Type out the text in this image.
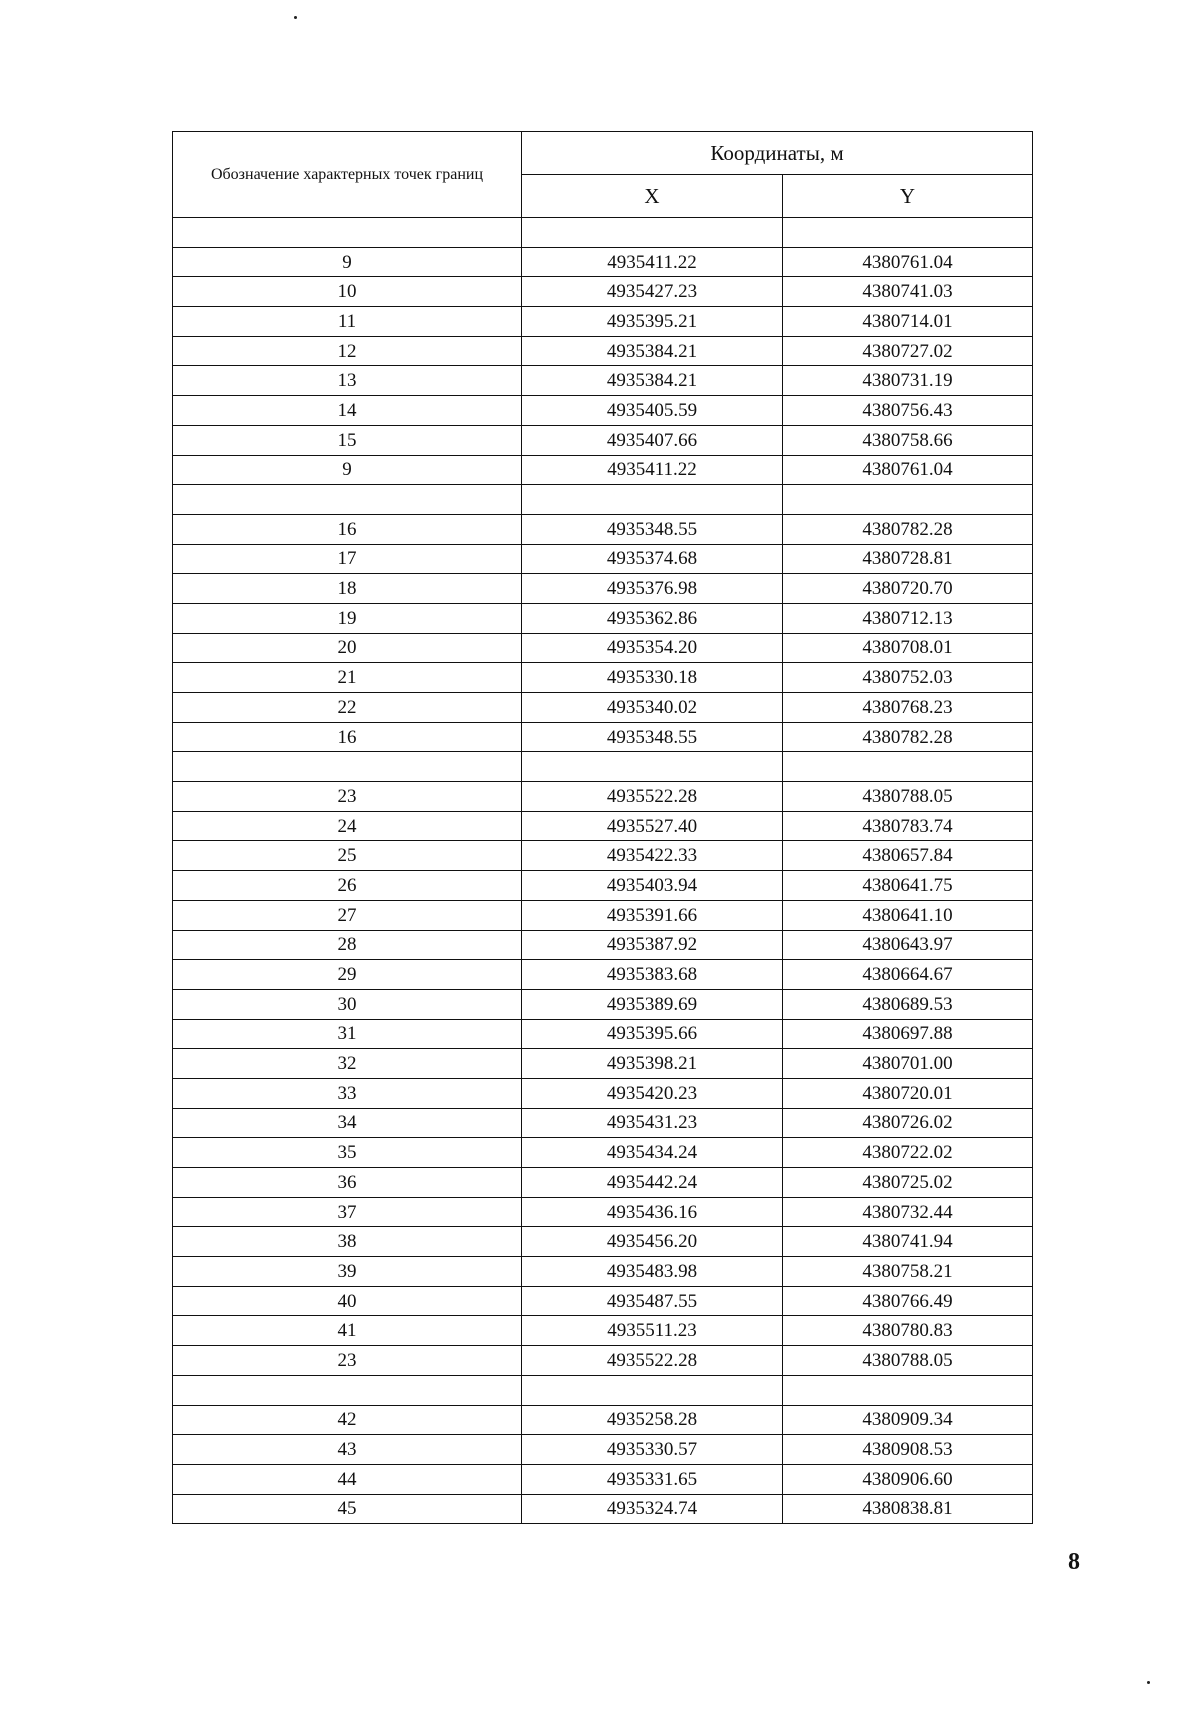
Обозначение характерных точек границ	Координаты, м	
	X	Y

9	4935411.22	4380761.04
10	4935427.23	4380741.03
11	4935395.21	4380714.01
12	4935384.21	4380727.02
13	4935384.21	4380731.19
14	4935405.59	4380756.43
15	4935407.66	4380758.66
9	4935411.22	4380761.04

16	4935348.55	4380782.28
17	4935374.68	4380728.81
18	4935376.98	4380720.70
19	4935362.86	4380712.13
20	4935354.20	4380708.01
21	4935330.18	4380752.03
22	4935340.02	4380768.23
16	4935348.55	4380782.28

23	4935522.28	4380788.05
24	4935527.40	4380783.74
25	4935422.33	4380657.84
26	4935403.94	4380641.75
27	4935391.66	4380641.10
28	4935387.92	4380643.97
29	4935383.68	4380664.67
30	4935389.69	4380689.53
31	4935395.66	4380697.88
32	4935398.21	4380701.00
33	4935420.23	4380720.01
34	4935431.23	4380726.02
35	4935434.24	4380722.02
36	4935442.24	4380725.02
37	4935436.16	4380732.44
38	4935456.20	4380741.94
39	4935483.98	4380758.21
40	4935487.55	4380766.49
41	4935511.23	4380780.83
23	4935522.28	4380788.05

42	4935258.28	4380909.34
43	4935330.57	4380908.53
44	4935331.65	4380906.60
45	4935324.74	4380838.81
8
